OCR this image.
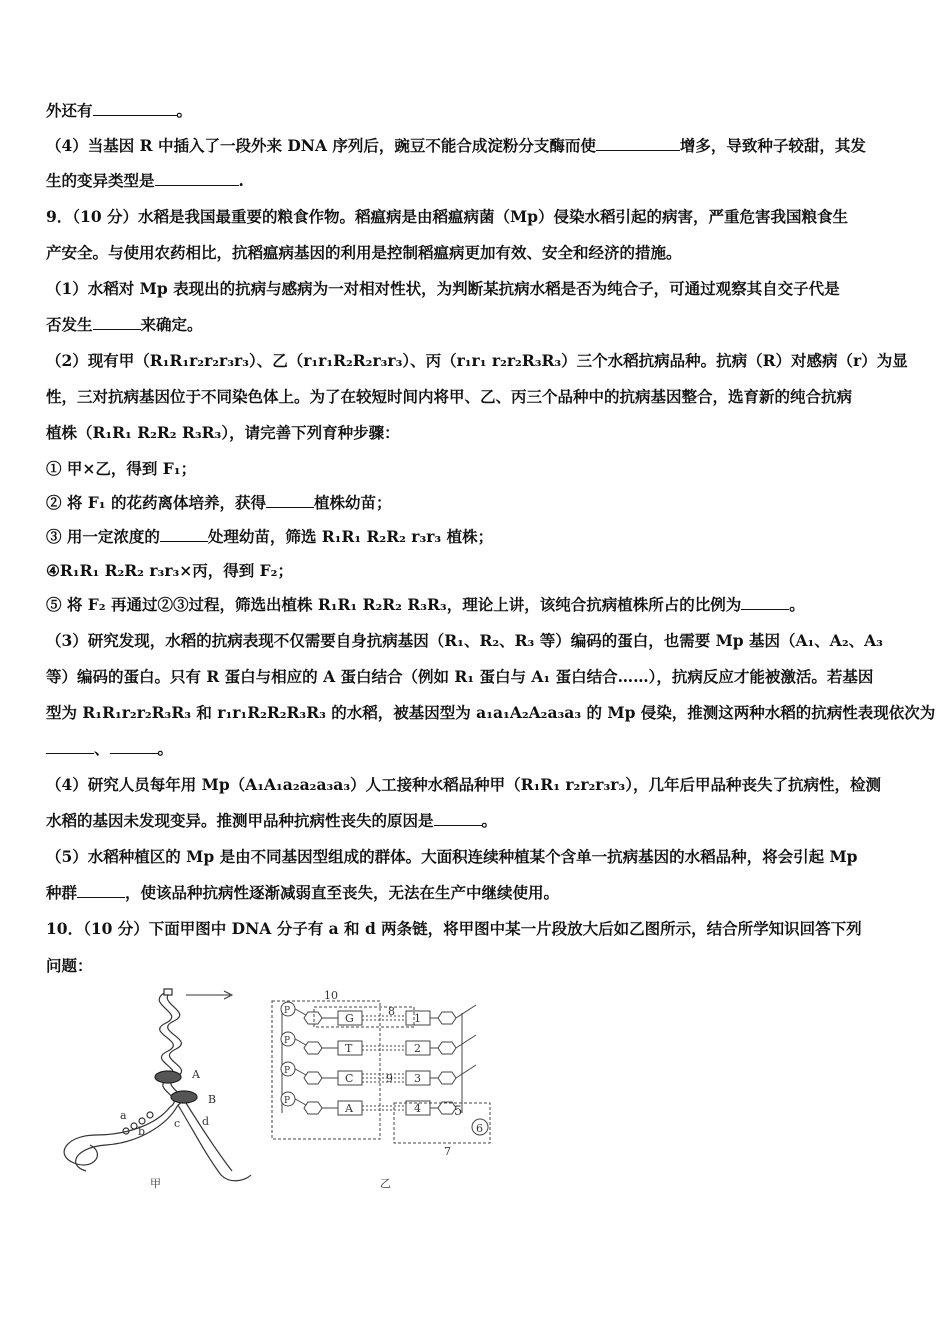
外还有	。
（4）当基因 R 中插入了一段外来 DNA 序列后，豌豆不能合成淀粉分支酶而使	增多，导致种子较甜，其发
生的变异类型是	.
9．（10 分）水稻是我国最重要的粮食作物。稻瘟病是由稻瘟病菌（Mp）侵染水稻引起的病害，严重危害我国粮食生
产安全。与使用农药相比，抗稻瘟病基因的利用是控制稻瘟病更加有效、安全和经济的措施。
（1）水稻对 Mp 表现出的抗病与感病为一对相对性状，为判断某抗病水稻是否为纯合子，可通过观察其自交子代是
否发生	来确定。
（2）现有甲（R₁R₁r₂r₂r₃r₃）、乙（r₁r₁R₂R₂r₃r₃）、丙（r₁r₁ r₂r₂R₃R₃）三个水稻抗病品种。抗病（R）对感病（r）为显
性，三对抗病基因位于不同染色体上。为了在较短时间内将甲、乙、丙三个品种中的抗病基因整合，选育新的纯合抗病
植株（R₁R₁ R₂R₂ R₃R₃），请完善下列育种步骤：
① 甲×乙，得到 F₁；
② 将 F₁ 的花药离体培养，获得	植株幼苗；
③ 用一定浓度的	处理幼苗，筛选 R₁R₁ R₂R₂ r₃r₃ 植株；
④R₁R₁ R₂R₂ r₃r₃×丙，得到 F₂；
⑤ 将 F₂ 再通过②③过程，筛选出植株 R₁R₁ R₂R₂ R₃R₃，理论上讲，该纯合抗病植株所占的比例为	。
（3）研究发现，水稻的抗病表现不仅需要自身抗病基因（R₁、R₂、R₃ 等）编码的蛋白，也需要 Mp 基因（A₁、A₂、A₃
等）编码的蛋白。只有 R 蛋白与相应的 A 蛋白结合（例如 R₁ 蛋白与 A₁ 蛋白结合……），抗病反应才能被激活。若基因
型为 R₁R₁r₂r₂R₃R₃ 和 r₁r₁R₂R₂R₃R₃ 的水稻，被基因型为 a₁a₁A₂A₂a₃a₃ 的 Mp 侵染，推测这两种水稻的抗病性表现依次为
、	。
（4）研究人员每年用 Mp（A₁A₁a₂a₂a₃a₃）人工接种水稻品种甲（R₁R₁ r₂r₂r₃r₃），几年后甲品种丧失了抗病性，检测
水稻的基因未发现变异。推测甲品种抗病性丧失的原因是	。
（5）水稻种植区的 Mp 是由不同基因型组成的群体。大面积连续种植某个含单一抗病基因的水稻品种，将会引起 Mp
种群	，使该品种抗病性逐渐减弱直至丧失，无法在生产中继续使用。
10．（10 分）下面甲图中 DNA 分子有 a 和 d 两条链，将甲图中某一片段放大后如乙图所示，结合所学知识回答下列
问题：
A
B
a
b
c d
甲
P
P
P
P
G
T
C
A
1
2
3
4
10
8
9
5
6
7
乙
